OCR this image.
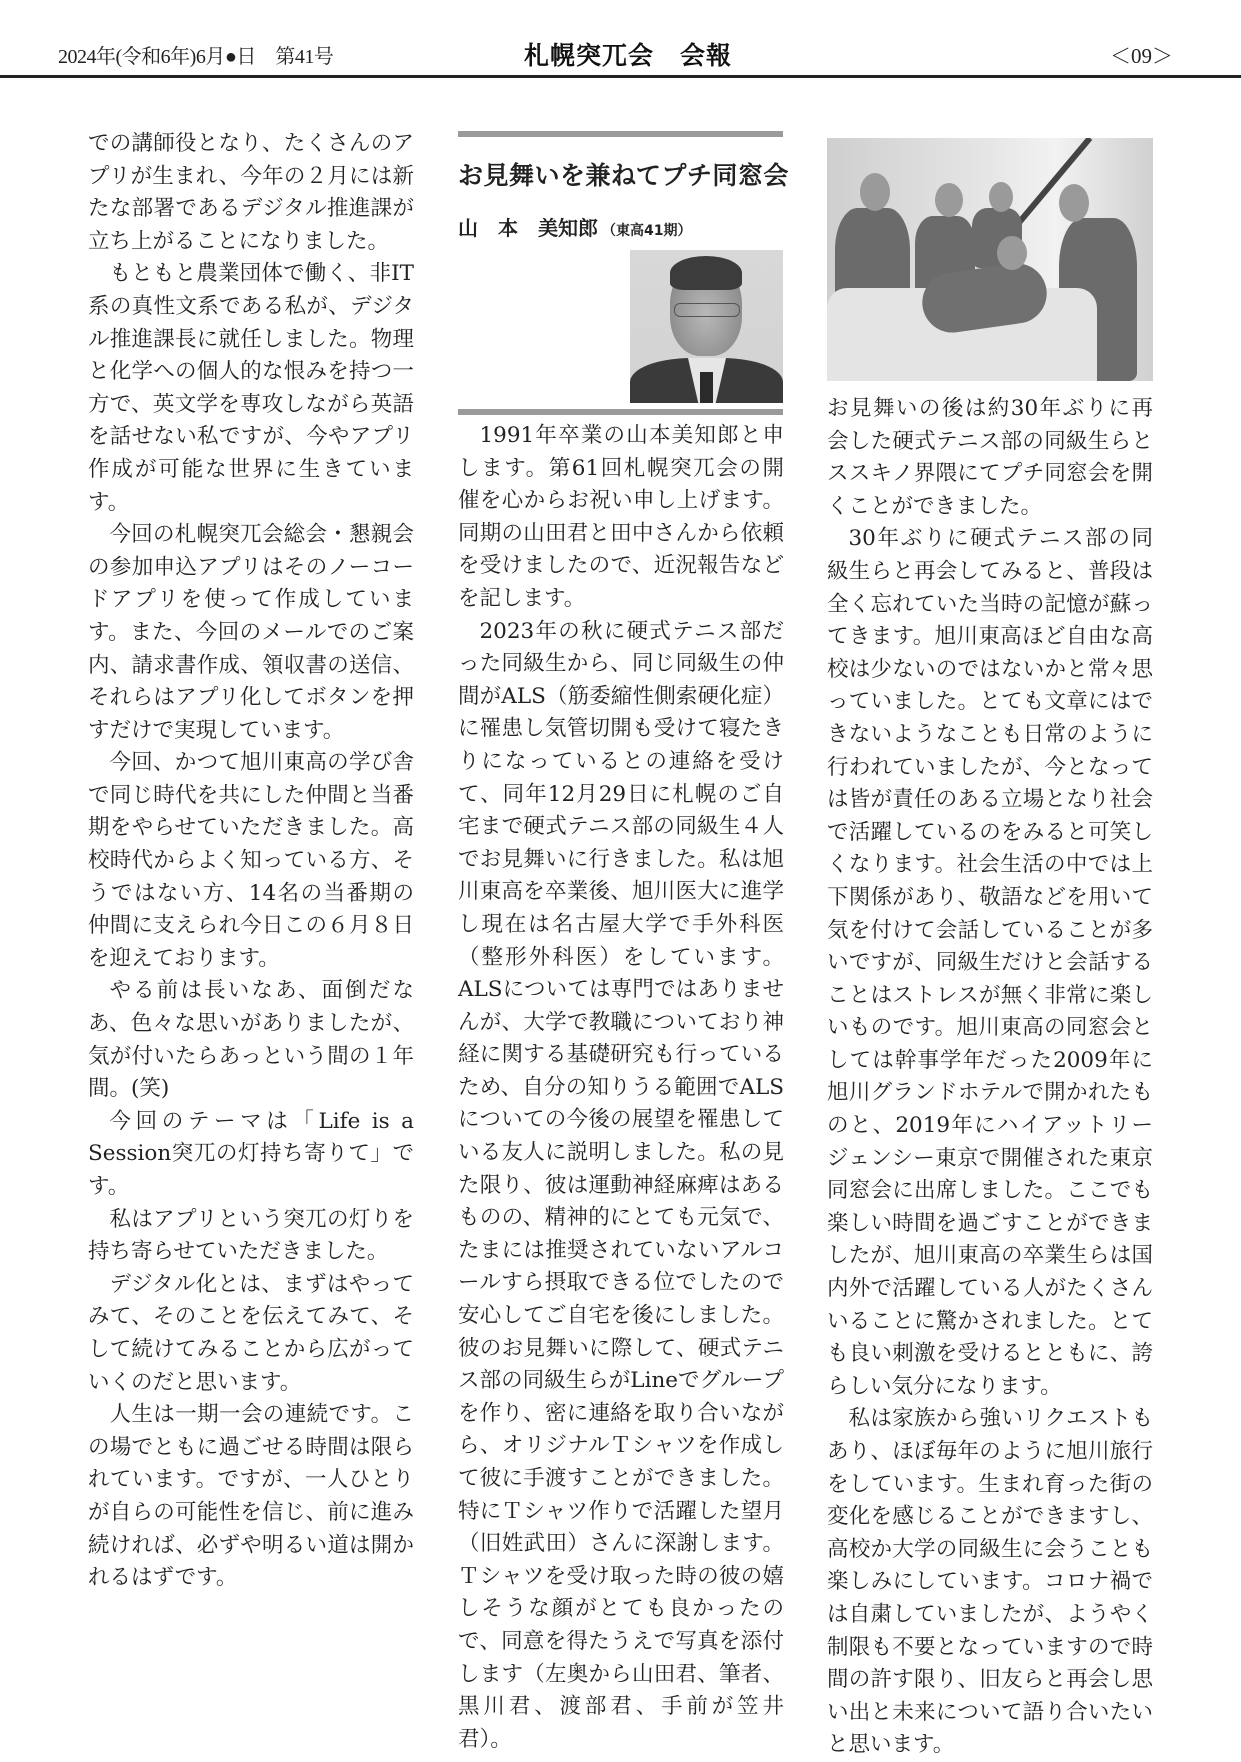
2024年(令和6年)6月●日　第41号	札幌突兀会　会報	＜09＞

での講師役となり、たくさんのアプリが生まれ、今年の２月には新たな部署であるデジタル推進課が立ち上がることになりました。

もともと農業団体で働く、非IT系の真性文系である私が、デジタル推進課長に就任しました。物理と化学への個人的な恨みを持つ一方で、英文学を専攻しながら英語を話せない私ですが、今やアプリ作成が可能な世界に生きています。

今回の札幌突兀会総会・懇親会の参加申込アプリはそのノーコードアプリを使って作成しています。また、今回のメールでのご案内、請求書作成、領収書の送信、それらはアプリ化してボタンを押すだけで実現しています。

今回、かつて旭川東高の学び舎で同じ時代を共にした仲間と当番期をやらせていただきました。高校時代からよく知っている方、そうではない方、14名の当番期の仲間に支えられ今日この６月８日を迎えております。

やる前は長いなあ、面倒だなあ、色々な思いがありましたが、気が付いたらあっという間の１年間。(笑)

今回のテーマは「Life is a Session突兀の灯持ち寄りて」です。

私はアプリという突兀の灯りを持ち寄らせていただきました。

デジタル化とは、まずはやってみて、そのことを伝えてみて、そして続けてみることから広がっていくのだと思います。

人生は一期一会の連続です。この場でともに過ごせる時間は限られています。ですが、一人ひとりが自らの可能性を信じ、前に進み続ければ、必ずや明るい道は開かれるはずです。

お見舞いを兼ねてプチ同窓会
山　本　美知郎 （東高41期）

1991年卒業の山本美知郎と申します。第61回札幌突兀会の開催を心からお祝い申し上げます。同期の山田君と田中さんから依頼を受けましたので、近況報告などを記します。

2023年の秋に硬式テニス部だった同級生から、同じ同級生の仲間がALS（筋委縮性側索硬化症）に罹患し気管切開も受けて寝たきりになっているとの連絡を受けて、同年12月29日に札幌のご自宅まで硬式テニス部の同級生４人でお見舞いに行きました。私は旭川東高を卒業後、旭川医大に進学し現在は名古屋大学で手外科医（整形外科医）をしています。ALSについては専門ではありませんが、大学で教職についており神経に関する基礎研究も行っているため、自分の知りうる範囲でALSについての今後の展望を罹患している友人に説明しました。私の見た限り、彼は運動神経麻痺はあるものの、精神的にとても元気で、たまには推奨されていないアルコールすら摂取できる位でしたので安心してご自宅を後にしました。彼のお見舞いに際して、硬式テニス部の同級生らがLineでグループを作り、密に連絡を取り合いながら、オリジナルＴシャツを作成して彼に手渡すことができました。特にＴシャツ作りで活躍した望月（旧姓武田）さんに深謝します。Ｔシャツを受け取った時の彼の嬉しそうな顔がとても良かったので、同意を得たうえで写真を添付します（左奥から山田君、筆者、黒川君、渡部君、手前が笠井君）。

お見舞いの後は約30年ぶりに再会した硬式テニス部の同級生らとススキノ界隈にてプチ同窓会を開くことができました。

30年ぶりに硬式テニス部の同級生らと再会してみると、普段は全く忘れていた当時の記憶が蘇ってきます。旭川東高ほど自由な高校は少ないのではないかと常々思っていました。とても文章にはできないようなことも日常のように行われていましたが、今となっては皆が責任のある立場となり社会で活躍しているのをみると可笑しくなります。社会生活の中では上下関係があり、敬語などを用いて気を付けて会話していることが多いですが、同級生だけと会話することはストレスが無く非常に楽しいものです。旭川東高の同窓会としては幹事学年だった2009年に旭川グランドホテルで開かれたものと、2019年にハイアットリージェンシー東京で開催された東京同窓会に出席しました。ここでも楽しい時間を過ごすことができましたが、旭川東高の卒業生らは国内外で活躍している人がたくさんいることに驚かされました。とても良い刺激を受けるとともに、誇らしい気分になります。

私は家族から強いリクエストもあり、ほぼ毎年のように旭川旅行をしています。生まれ育った街の変化を感じることができますし、高校か大学の同級生に会うことも楽しみにしています。コロナ禍では自粛していましたが、ようやく制限も不要となっていますので時間の許す限り、旧友らと再会し思い出と未来について語り合いたいと思います。
